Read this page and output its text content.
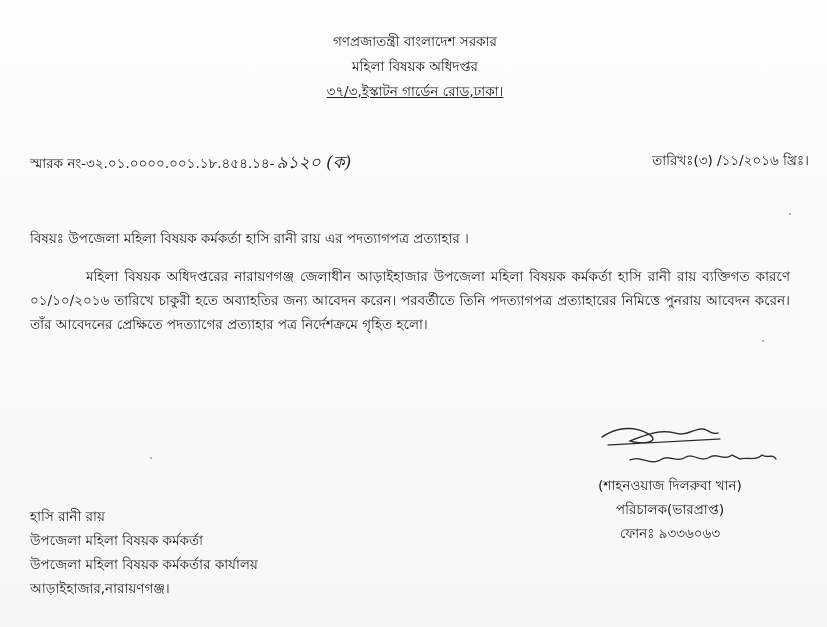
গণপ্রজাতন্ত্রী বাংলাদেশ সরকার
মহিলা বিষয়ক অধিদপ্তর
৩৭/৩,ইস্কাটন গার্ডেন রোড,ঢাকা।
স্মারক নং-৩২.০১.০০০০.০০১.১৮.৪৫৪.১৪- ৯১২০ (ক)	তারিখঃ(৩) /১১/২০১৬ খ্রিঃ।
বিষয়ঃ উপজেলা মহিলা বিষয়ক কর্মকর্তা হাসি রানী রায় এর পদত্যাগপত্র প্রত্যাহার ।
মহিলা বিষয়ক অধিদপ্তরের নারায়ণগঞ্জ জেলাধীন আড়াইহাজার উপজেলা মহিলা বিষয়ক কর্মকর্তা হাসি রানী রায় ব্যক্তিগত কারণে ০১/১০/২০১৬ তারিখে চাকুরী হতে অব্যাহতির জন্য আবেদন করেন। পরবর্তীতে তিনি পদত্যাগপত্র প্রত্যাহারের নিমিত্তে পুনরায় আবেদন করেন। তাঁর আবেদনের প্রেক্ষিতে পদত্যাগের প্রত্যাহার পত্র নির্দেশক্রমে গৃহিত হলো।
(শাহনওয়াজ দিলরুবা খান)
পরিচালক(ভারপ্রাপ্ত)
ফোনঃ ৯৩৩৬০৬৩
হাসি রানী রায়
উপজেলা মহিলা বিষয়ক কর্মকর্তা
উপজেলা মহিলা বিষয়ক কর্মকর্তার কার্যালয়
আড়াইহাজার,নারায়ণগঞ্জ।
